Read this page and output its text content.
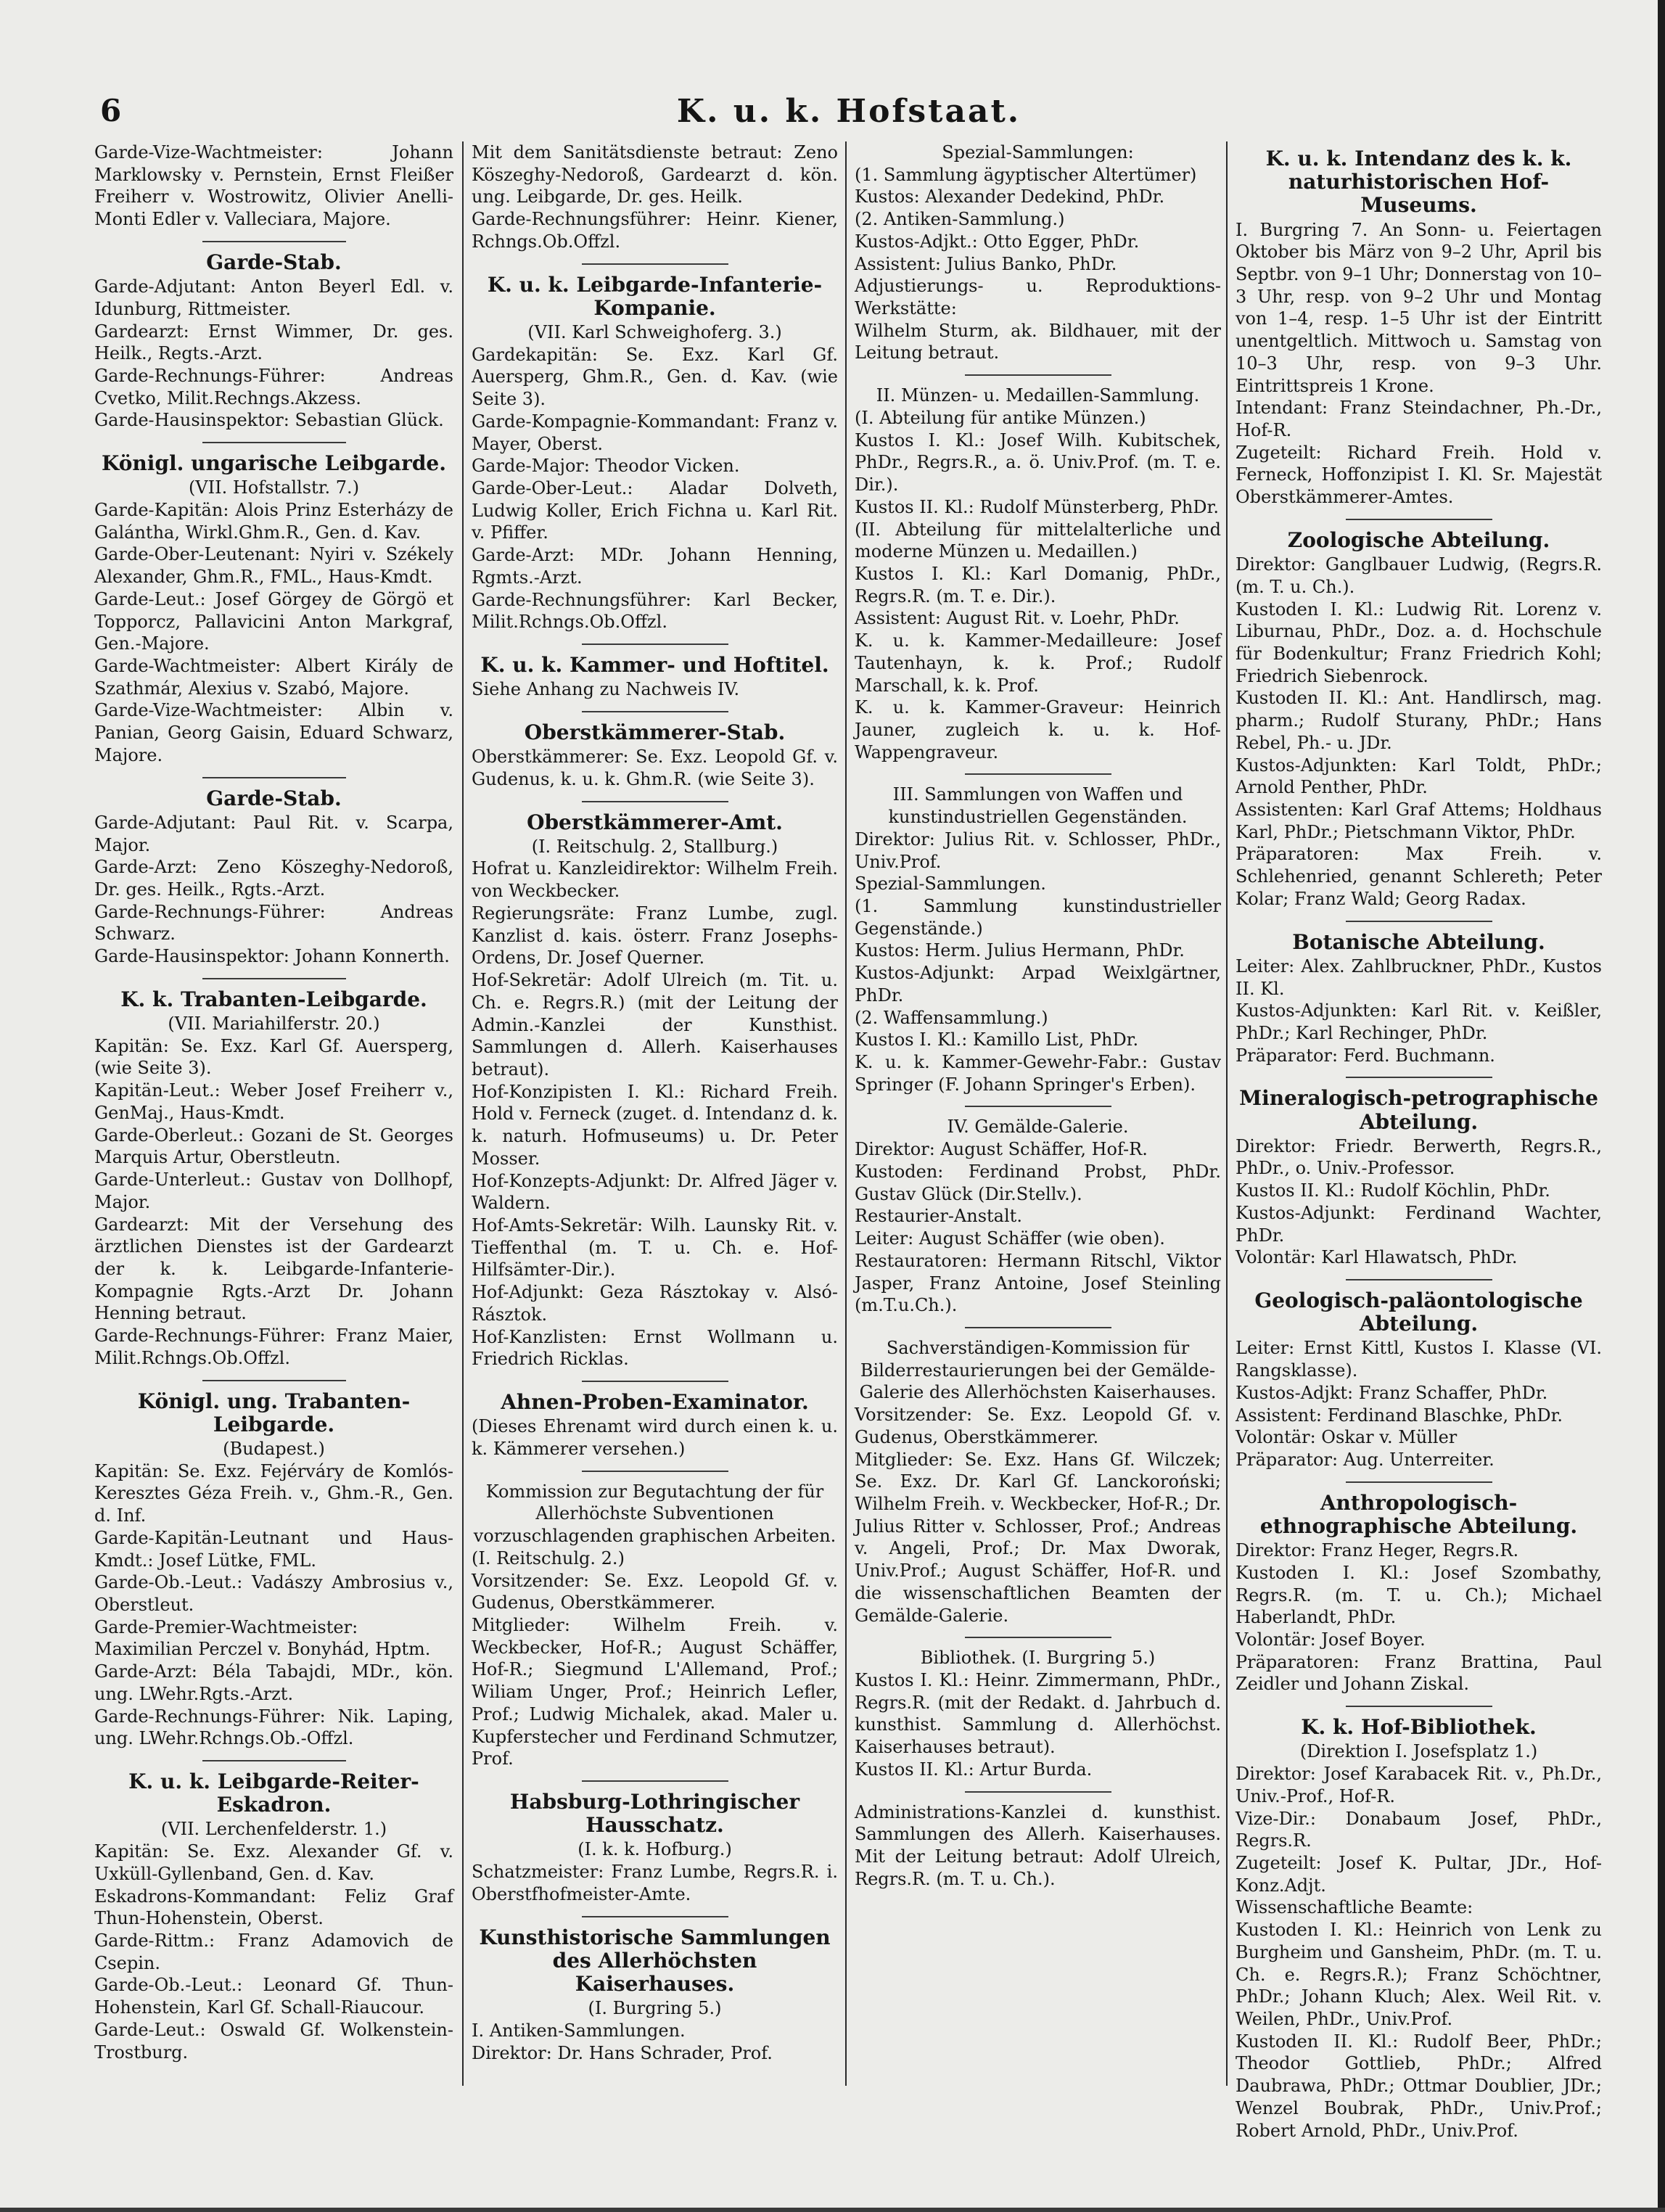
6	K. u. k. Hofstaat.
Garde-Vize-Wachtmeister: Johann Marklowsky v. Pernstein, Ernst Fleißer Freiherr v. Wostrowitz, Olivier Anelli-Monti Edler v. Valleciara, Majore.
Garde-Stab.
Garde-Adjutant: Anton Beyerl Edl. v. Idunburg, Rittmeister.
Gardearzt: Ernst Wimmer, Dr. ges. Heilk., Regts.-Arzt.
Garde-Rechnungs-Führer: Andreas Cvetko, Milit.Rechngs.Akzess.
Garde-Hausinspektor: Sebastian Glück.
Königl. ungarische Leibgarde.
(VII. Hofstallstr. 7.)
Garde-Kapitän: Alois Prinz Esterházy de Galántha, Wirkl.Ghm.R., Gen. d. Kav.
Garde-Ober-Leutenant: Nyiri v. Székely Alexander, Ghm.R., FML., Haus-Kmdt.
Garde-Leut.: Josef Görgey de Görgö et Topporcz, Pallavicini Anton Markgraf, Gen.-Majore.
Garde-Wachtmeister: Albert Király de Szathmár, Alexius v. Szabó, Majore.
Garde-Vize-Wachtmeister: Albin v. Panian, Georg Gaisin, Eduard Schwarz, Majore.
Garde-Stab.
Garde-Adjutant: Paul Rit. v. Scarpa, Major.
Garde-Arzt: Zeno Köszeghy-Nedoroß, Dr. ges. Heilk., Rgts.-Arzt.
Garde-Rechnungs-Führer: Andreas Schwarz.
Garde-Hausinspektor: Johann Konnerth.
K. k. Trabanten-Leibgarde.
(VII. Mariahilferstr. 20.)
Kapitän: Se. Exz. Karl Gf. Auersperg, (wie Seite 3).
Kapitän-Leut.: Weber Josef Freiherr v., GenMaj., Haus-Kmdt.
Garde-Oberleut.: Gozani de St. Georges Marquis Artur, Oberstleutn.
Garde-Unterleut.: Gustav von Dollhopf, Major.
Gardearzt: Mit der Versehung des ärztlichen Dienstes ist der Gardearzt der k. k. Leibgarde-Infanterie-Kompagnie Rgts.-Arzt Dr. Johann Henning betraut.
Garde-Rechnungs-Führer: Franz Maier, Milit.Rchngs.Ob.Offzl.
Königl. ung. Trabanten-Leibgarde.
(Budapest.)
Kapitän: Se. Exz. Fejérváry de Komlós-Keresztes Géza Freih. v., Ghm.-R., Gen. d. Inf.
Garde-Kapitän-Leutnant und Haus-Kmdt.: Josef Lütke, FML.
Garde-Ob.-Leut.: Vadászy Ambrosius v., Oberstleut.
Garde-Premier-Wachtmeister: Maximilian Perczel v. Bonyhád, Hptm.
Garde-Arzt: Béla Tabajdi, MDr., kön. ung. LWehr.Rgts.-Arzt.
Garde-Rechnungs-Führer: Nik. Laping, ung. LWehr.Rchngs.Ob.-Offzl.
K. u. k. Leibgarde-Reiter-Eskadron.
(VII. Lerchenfelderstr. 1.)
Kapitän: Se. Exz. Alexander Gf. v. Uxküll-Gyllenband, Gen. d. Kav.
Eskadrons-Kommandant: Feliz Graf Thun-Hohenstein, Oberst.
Garde-Rittm.: Franz Adamovich de Csepin.
Garde-Ob.-Leut.: Leonard Gf. Thun-Hohenstein, Karl Gf. Schall-Riaucour.
Garde-Leut.: Oswald Gf. Wolkenstein-Trostburg.
Mit dem Sanitätsdienste betraut: Zeno Köszeghy-Nedoroß, Gardearzt d. kön. ung. Leibgarde, Dr. ges. Heilk.
Garde-Rechnungsführer: Heinr. Kiener, Rchngs.Ob.Offzl.
K. u. k. Leibgarde-Infanterie-Kompanie.
(VII. Karl Schweighoferg. 3.)
Gardekapitän: Se. Exz. Karl Gf. Auersperg, Ghm.R., Gen. d. Kav. (wie Seite 3).
Garde-Kompagnie-Kommandant: Franz v. Mayer, Oberst.
Garde-Major: Theodor Vicken.
Garde-Ober-Leut.: Aladar Dolveth, Ludwig Koller, Erich Fichna u. Karl Rit. v. Pfiffer.
Garde-Arzt: MDr. Johann Henning, Rgmts.-Arzt.
Garde-Rechnungsführer: Karl Becker, Milit.Rchngs.Ob.Offzl.
K. u. k. Kammer- und Hoftitel.
Siehe Anhang zu Nachweis IV.
Oberstkämmerer-Stab.
Oberstkämmerer: Se. Exz. Leopold Gf. v. Gudenus, k. u. k. Ghm.R. (wie Seite 3).
Oberstkämmerer-Amt.
(I. Reitschulg. 2, Stallburg.)
Hofrat u. Kanzleidirektor: Wilhelm Freih. von Weckbecker.
Regierungsräte: Franz Lumbe, zugl. Kanzlist d. kais. österr. Franz Josephs-Ordens, Dr. Josef Querner.
Hof-Sekretär: Adolf Ulreich (m. Tit. u. Ch. e. Regrs.R.) (mit der Leitung der Admin.-Kanzlei der Kunsthist. Sammlungen d. Allerh. Kaiserhauses betraut).
Hof-Konzipisten I. Kl.: Richard Freih. Hold v. Ferneck (zuget. d. Intendanz d. k. k. naturh. Hofmuseums) u. Dr. Peter Mosser.
Hof-Konzepts-Adjunkt: Dr. Alfred Jäger v. Waldern.
Hof-Amts-Sekretär: Wilh. Launsky Rit. v. Tieffenthal (m. T. u. Ch. e. Hof-Hilfsämter-Dir.).
Hof-Adjunkt: Geza Rásztokay v. Alsó-Rásztok.
Hof-Kanzlisten: Ernst Wollmann u. Friedrich Ricklas.
Ahnen-Proben-Examinator.
(Dieses Ehrenamt wird durch einen k. u. k. Kämmerer versehen.)
Kommission zur Begutachtung der für Allerhöchste Subventionen vorzuschlagenden graphischen Arbeiten.
(I. Reitschulg. 2.)
Vorsitzender: Se. Exz. Leopold Gf. v. Gudenus, Oberstkämmerer.
Mitglieder: Wilhelm Freih. v. Weckbecker, Hof-R.; August Schäffer, Hof-R.; Siegmund L'Allemand, Prof.; Wiliam Unger, Prof.; Heinrich Lefler, Prof.; Ludwig Michalek, akad. Maler u. Kupferstecher und Ferdinand Schmutzer, Prof.
Habsburg-Lothringischer Hausschatz.
(I. k. k. Hofburg.)
Schatzmeister: Franz Lumbe, Regrs.R. i. Oberstfhofmeister-Amte.
Kunsthistorische Sammlungen des Allerhöchsten Kaiserhauses.
(I. Burgring 5.)
I. Antiken-Sammlungen.
Direktor: Dr. Hans Schrader, Prof.
Spezial-Sammlungen:
(1. Sammlung ägyptischer Altertümer)
Kustos: Alexander Dedekind, PhDr.
(2. Antiken-Sammlung.)
Kustos-Adjkt.: Otto Egger, PhDr.
Assistent: Julius Banko, PhDr.
Adjustierungs- u. Reproduktions-Werkstätte:
Wilhelm Sturm, ak. Bildhauer, mit der Leitung betraut.
II. Münzen- u. Medaillen-Sammlung.
(I. Abteilung für antike Münzen.)
Kustos I. Kl.: Josef Wilh. Kubitschek, PhDr., Regrs.R., a. ö. Univ.Prof. (m. T. e. Dir.).
Kustos II. Kl.: Rudolf Münsterberg, PhDr.
(II. Abteilung für mittelalterliche und moderne Münzen u. Medaillen.)
Kustos I. Kl.: Karl Domanig, PhDr., Regrs.R. (m. T. e. Dir.).
Assistent: August Rit. v. Loehr, PhDr.
K. u. k. Kammer-Medailleure: Josef Tautenhayn, k. k. Prof.; Rudolf Marschall, k. k. Prof.
K. u. k. Kammer-Graveur: Heinrich Jauner, zugleich k. u. k. Hof-Wappengraveur.
III. Sammlungen von Waffen und kunstindustriellen Gegenständen.
Direktor: Julius Rit. v. Schlosser, PhDr., Univ.Prof.
Spezial-Sammlungen.
(1. Sammlung kunstindustrieller Gegenstände.)
Kustos: Herm. Julius Hermann, PhDr.
Kustos-Adjunkt: Arpad Weixlgärtner, PhDr.
(2. Waffensammlung.)
Kustos I. Kl.: Kamillo List, PhDr.
K. u. k. Kammer-Gewehr-Fabr.: Gustav Springer (F. Johann Springer's Erben).
IV. Gemälde-Galerie.
Direktor: August Schäffer, Hof-R.
Kustoden: Ferdinand Probst, PhDr. Gustav Glück (Dir.Stellv.).
Restaurier-Anstalt.
Leiter: August Schäffer (wie oben).
Restauratoren: Hermann Ritschl, Viktor Jasper, Franz Antoine, Josef Steinling (m.T.u.Ch.).
Sachverständigen-Kommission für Bilderrestaurierungen bei der Gemälde-Galerie des Allerhöchsten Kaiserhauses.
Vorsitzender: Se. Exz. Leopold Gf. v. Gudenus, Oberstkämmerer.
Mitglieder: Se. Exz. Hans Gf. Wilczek; Se. Exz. Dr. Karl Gf. Lanckoroński; Wilhelm Freih. v. Weckbecker, Hof-R.; Dr. Julius Ritter v. Schlosser, Prof.; Andreas v. Angeli, Prof.; Dr. Max Dworak, Univ.Prof.; August Schäffer, Hof-R. und die wissenschaftlichen Beamten der Gemälde-Galerie.
Bibliothek. (I. Burgring 5.)
Kustos I. Kl.: Heinr. Zimmermann, PhDr., Regrs.R. (mit der Redakt. d. Jahrbuch d. kunsthist. Sammlung d. Allerhöchst. Kaiserhauses betraut).
Kustos II. Kl.: Artur Burda.
Administrations-Kanzlei d. kunsthist. Sammlungen des Allerh. Kaiserhauses. Mit der Leitung betraut: Adolf Ulreich, Regrs.R. (m. T. u. Ch.).
K. u. k. Intendanz des k. k. naturhistorischen Hof-Museums.
I. Burgring 7. An Sonn- u. Feiertagen Oktober bis März von 9–2 Uhr, April bis Septbr. von 9–1 Uhr; Donnerstag von 10–3 Uhr, resp. von 9–2 Uhr und Montag von 1–4, resp. 1–5 Uhr ist der Eintritt unentgeltlich. Mittwoch u. Samstag von 10–3 Uhr, resp. von 9–3 Uhr. Eintrittspreis 1 Krone.
Intendant: Franz Steindachner, Ph.-Dr., Hof-R.
Zugeteilt: Richard Freih. Hold v. Ferneck, Hoffonzipist I. Kl. Sr. Majestät Oberstkämmerer-Amtes.
Zoologische Abteilung.
Direktor: Ganglbauer Ludwig, (Regrs.R. (m. T. u. Ch.).
Kustoden I. Kl.: Ludwig Rit. Lorenz v. Liburnau, PhDr., Doz. a. d. Hochschule für Bodenkultur; Franz Friedrich Kohl; Friedrich Siebenrock.
Kustoden II. Kl.: Ant. Handlirsch, mag. pharm.; Rudolf Sturany, PhDr.; Hans Rebel, Ph.- u. JDr.
Kustos-Adjunkten: Karl Toldt, PhDr.; Arnold Penther, PhDr.
Assistenten: Karl Graf Attems; Holdhaus Karl, PhDr.; Pietschmann Viktor, PhDr.
Präparatoren: Max Freih. v. Schlehenried, genannt Schlereth; Peter Kolar; Franz Wald; Georg Radax.
Botanische Abteilung.
Leiter: Alex. Zahlbruckner, PhDr., Kustos II. Kl.
Kustos-Adjunkten: Karl Rit. v. Keißler, PhDr.; Karl Rechinger, PhDr.
Präparator: Ferd. Buchmann.
Mineralogisch-petrographische Abteilung.
Direktor: Friedr. Berwerth, Regrs.R., PhDr., o. Univ.-Professor.
Kustos II. Kl.: Rudolf Köchlin, PhDr.
Kustos-Adjunkt: Ferdinand Wachter, PhDr.
Volontär: Karl Hlawatsch, PhDr.
Geologisch-paläontologische Abteilung.
Leiter: Ernst Kittl, Kustos I. Klasse (VI. Rangsklasse).
Kustos-Adjkt: Franz Schaffer, PhDr.
Assistent: Ferdinand Blaschke, PhDr.
Volontär: Oskar v. Müller
Präparator: Aug. Unterreiter.
Anthropologisch-ethnographische Abteilung.
Direktor: Franz Heger, Regrs.R.
Kustoden I. Kl.: Josef Szombathy, Regrs.R. (m. T. u. Ch.); Michael Haberlandt, PhDr.
Volontär: Josef Boyer.
Präparatoren: Franz Brattina, Paul Zeidler und Johann Ziskal.
K. k. Hof-Bibliothek.
(Direktion I. Josefsplatz 1.)
Direktor: Josef Karabacek Rit. v., Ph.Dr., Univ.-Prof., Hof-R.
Vize-Dir.: Donabaum Josef, PhDr., Regrs.R.
Zugeteilt: Josef K. Pultar, JDr., Hof-Konz.Adjt.
Wissenschaftliche Beamte:
Kustoden I. Kl.: Heinrich von Lenk zu Burgheim und Gansheim, PhDr. (m. T. u. Ch. e. Regrs.R.); Franz Schöchtner, PhDr.; Johann Kluch; Alex. Weil Rit. v. Weilen, PhDr., Univ.Prof.
Kustoden II. Kl.: Rudolf Beer, PhDr.; Theodor Gottlieb, PhDr.; Alfred Daubrawa, PhDr.; Ottmar Doublier, JDr.; Wenzel Boubrak, PhDr., Univ.Prof.; Robert Arnold, PhDr., Univ.Prof.
